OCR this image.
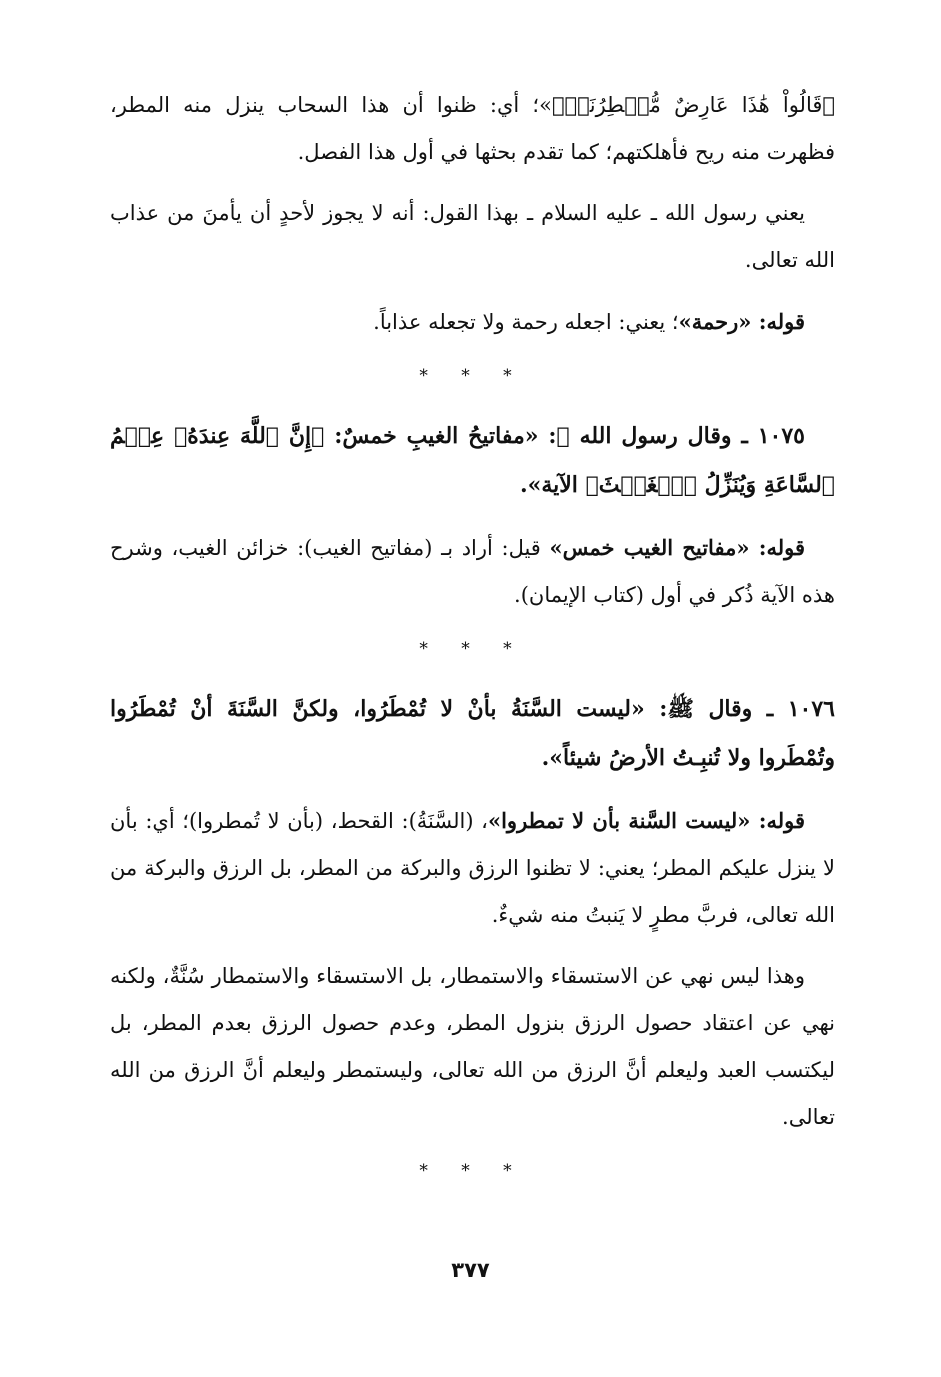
﴿قَالُواْ هَٰذَا عَارِضٌ مُّمۡطِرُنَاۚ﴾»؛ أي: ظنوا أن هذا السحاب ينزل منه المطر، فظهرت منه ريح فأهلكتهم؛ كما تقدم بحثها في أول هذا الفصل.

يعني رسول الله ـ عليه السلام ـ بهذا القول: أنه لا يجوز لأحدٍ أن يأمنَ من عذاب الله تعالى.

قوله: «رحمة»؛ يعني: اجعله رحمة ولا تجعله عذاباً.

* * *

١٠٧٥ ـ وقال رسول الله ﷺ: «مفاتيحُ الغيبِ خمسٌ: ﴿إِنَّ ٱللَّهَ عِندَهُۥ عِلۡمُ ٱلسَّاعَةِ وَيُنَزِّلُ ٱلۡغَيۡثَ﴾ الآية».

قوله: «مفاتيح الغيب خمس» قيل: أراد بـ (مفاتيح الغيب): خزائن الغيب، وشرح هذه الآية ذُكر في أول (كتاب الإيمان).

* * *

١٠٧٦ ـ وقال ﷺ: «ليست السَّنَةُ بأنْ لا تُمْطَرُوا، ولكنَّ السَّنَةَ أنْ تُمْطَرُوا وتُمْطَروا ولا تُنبِـتُ الأرضُ شيئاً».

قوله: «ليست السَّنة بأن لا تمطروا»، (السَّنَةُ): القحط، (بأن لا تُمطروا)؛ أي: بأن لا ينزل عليكم المطر؛ يعني: لا تظنوا الرزق والبركة من المطر، بل الرزق والبركة من الله تعالى، فربَّ مطرٍ لا يَنبتُ منه شيءٌ.

وهذا ليس نهي عن الاستسقاء والاستمطار، بل الاستسقاء والاستمطار سُنَّةٌ، ولكنه نهي عن اعتقاد حصول الرزق بنزول المطر، وعدم حصول الرزق بعدم المطر، بل ليكتسب العبد وليعلم أنَّ الرزق من الله تعالى، وليستمطر وليعلم أنَّ الرزق من الله تعالى.

* * *
٣٧٧
